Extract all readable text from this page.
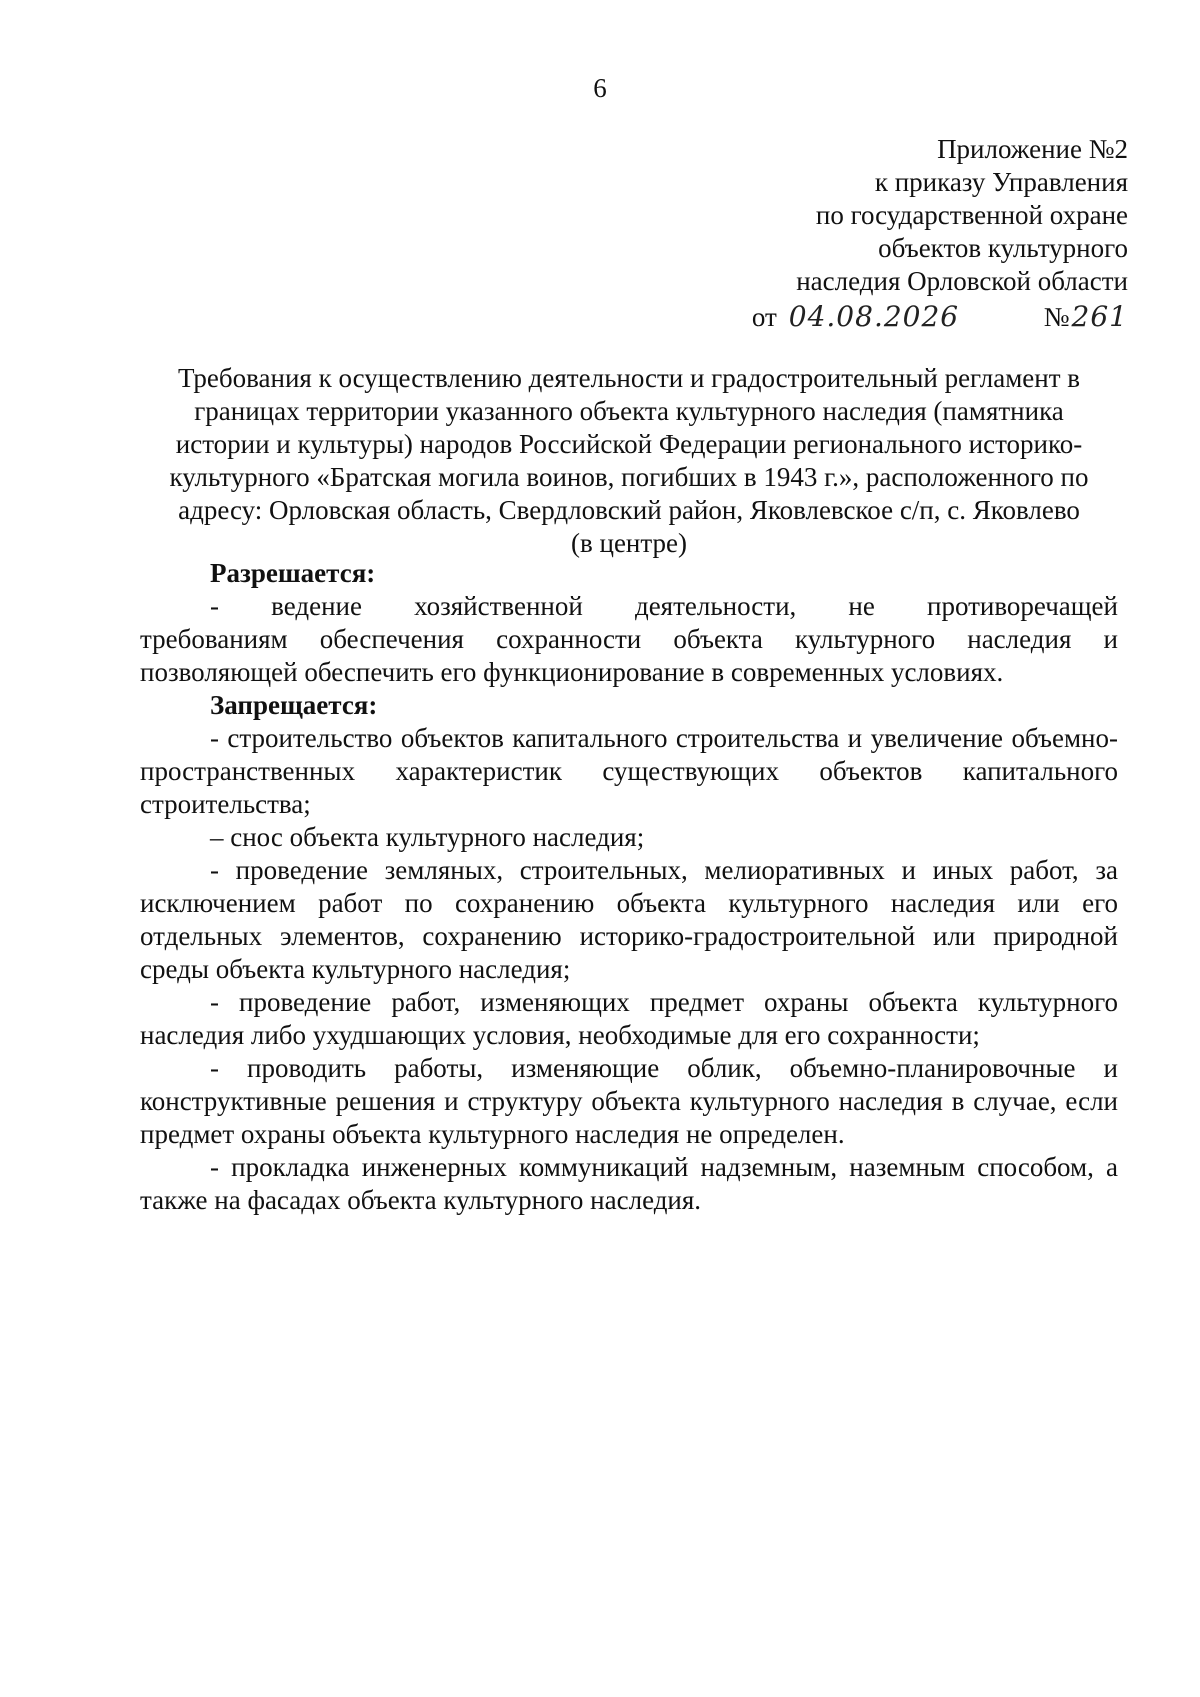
6
Приложение №2
к приказу Управления
по государственной охране
объектов культурного
наследия Орловской области
от 04.08.2026	№ 261
Требования к осуществлению деятельности и градостроительный регламент в
границах территории указанного объекта культурного наследия (памятника
истории и культуры) народов Российской Федерации регионального историко-
культурного «Братская могила воинов, погибших в 1943 г.», расположенного по
адресу: Орловская область, Свердловский район, Яковлевское с/п, с. Яковлево
(в центре)
Разрешается:

-     ведение     хозяйственной     деятельности,     не     противоречащей требованиям обеспечения сохранности объекта культурного наследия и позволяющей обеспечить его функционирование в современных условиях.

Запрещается:

- строительство объектов капитального строительства и увеличение объемно-пространственных характеристик существующих объектов капитального строительства;

– снос объекта культурного наследия;

- проведение земляных, строительных, мелиоративных и иных работ, за исключением работ по сохранению объекта культурного наследия или его отдельных элементов, сохранению историко-градостроительной или природной среды объекта культурного наследия;

- проведение работ, изменяющих предмет охраны объекта культурного наследия либо ухудшающих условия, необходимые для его сохранности;

- проводить работы, изменяющие облик, объемно-планировочные и конструктивные решения и структуру объекта культурного наследия в случае, если предмет охраны объекта культурного наследия не определен.

- прокладка инженерных коммуникаций надземным, наземным способом, а также на фасадах объекта культурного наследия.
